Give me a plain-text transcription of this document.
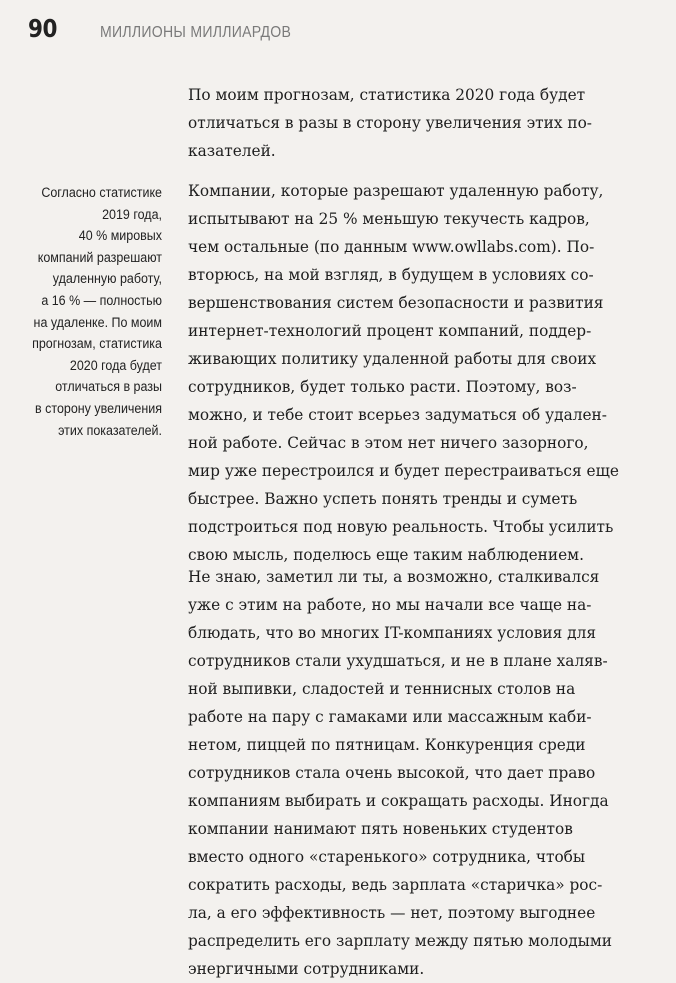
90	МИЛЛИОНЫ МИЛЛИАРДОВ
Согласно статистике
2019 года,
40 % мировых
компаний разрешают
удаленную работу,
а 16 % — полностью
на удаленке. По моим
прогнозам, статистика
2020 года будет
отличаться в разы
в сторону увеличения
этих показателей.
По моим прогнозам, статистика 2020 года будет
отличаться в разы в сторону увеличения этих по-
казателей.
Компании, которые разрешают удаленную работу,
испытывают на 25 % меньшую текучесть кадров,
чем остальные (по данным www.owllabs.com). По-
вторюсь, на мой взгляд, в будущем в условиях со-
вершенствования систем безопасности и развития
интернет-технологий процент компаний, поддер-
живающих политику удаленной работы для своих
сотрудников, будет только расти. Поэтому, воз-
можно, и тебе стоит всерьез задуматься об удален-
ной работе. Сейчас в этом нет ничего зазорного,
мир уже перестроился и будет перестраиваться еще
быстрее. Важно успеть понять тренды и суметь
подстроиться под новую реальность. Чтобы усилить
свою мысль, поделюсь еще таким наблюдением.
Не знаю, заметил ли ты, а возможно, сталкивался
уже с этим на работе, но мы начали все чаще на-
блюдать, что во многих IT-компаниях условия для
сотрудников стали ухудшаться, и не в плане халяв-
ной выпивки, сладостей и теннисных столов на
работе на пару с гамаками или массажным каби-
нетом, пиццей по пятницам. Конкуренция среди
сотрудников стала очень высокой, что дает право
компаниям выбирать и сокращать расходы. Иногда
компании нанимают пять новеньких студентов
вместо одного «старенького» сотрудника, чтобы
сократить расходы, ведь зарплата «старичка» рос-
ла, а его эффективность — нет, поэтому выгоднее
распределить его зарплату между пятью молодыми
энергичными сотрудниками.
